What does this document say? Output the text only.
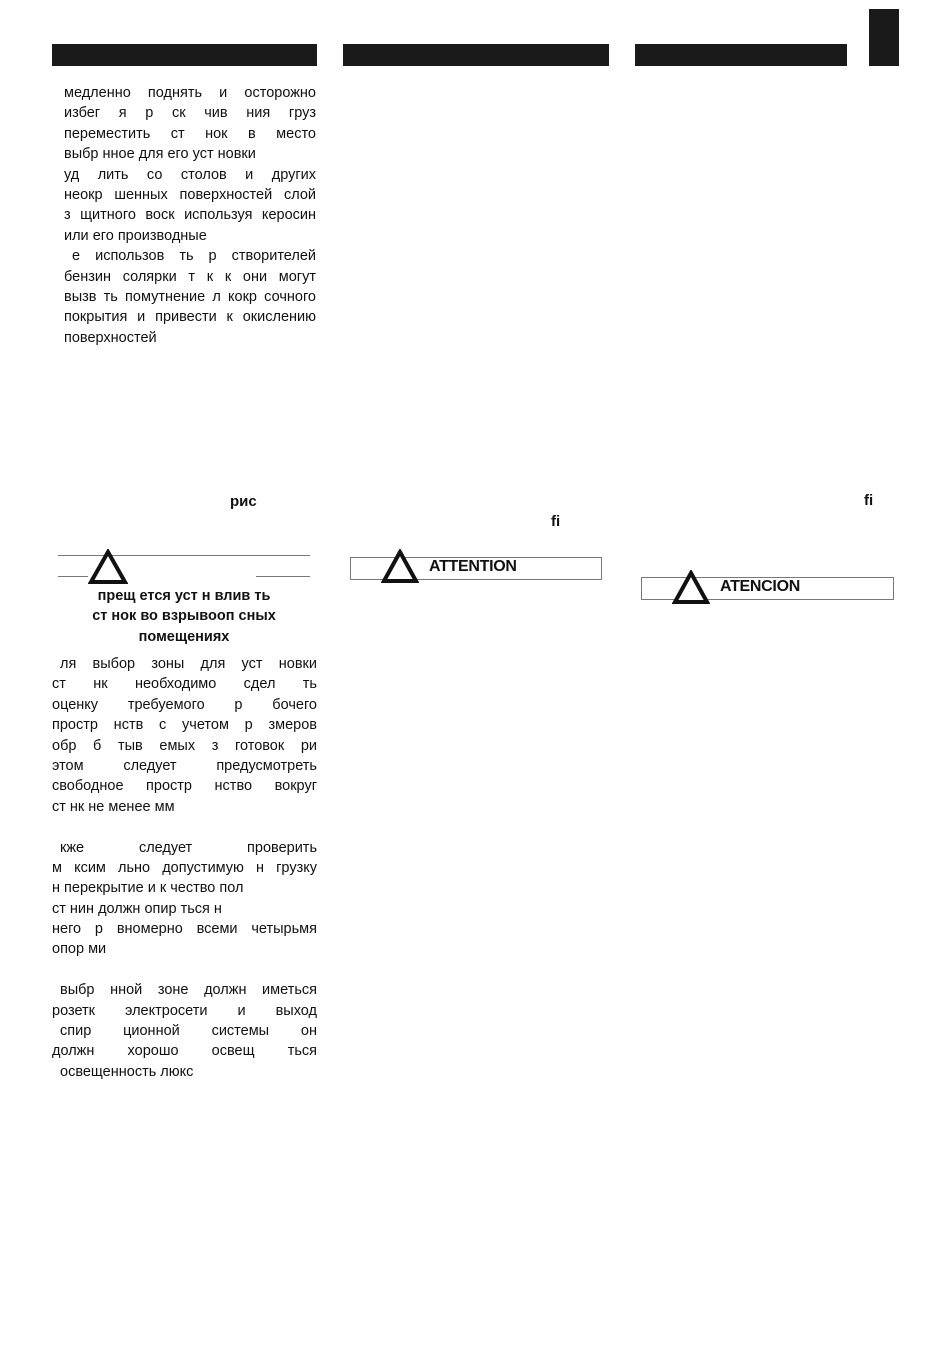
медленно поднять и осторожно
избег я р ск чив ния груз
переместить ст нок в место
выбр нное для его уст новки
уд лить со столов и других
неокр шенных поверхностей слой
з щитного воск используя керосин
или его производные
е использов ть р створителей
бензин солярки т к к они могут
вызв ть помутнение л кокр сочного
покрытия и привести к окислению
поверхностей
рис
fi
fi
прещ ется уст н влив ть
ст нок во взрывооп сных
помещениях
ATTENTION
ATENCION
ля выбор зоны для уст новки
ст нк необходимо сдел ть
оценку требуемого р бочего
простр нств с учетом р змеров
обр б тыв емых з готовок ри
этом следует предусмотреть
свободное простр нство вокруг
ст нк не менее мм
кже следует проверить
м ксим льно допустимую н грузку
н перекрытие и к чество пол
ст нин должн опир ться н
него р вномерно всеми четырьмя
опор ми
выбр нной зоне должн иметься
розетк электросети и выход
спир ционной системы он
должн хорошо освещ ться
освещенность люкс
